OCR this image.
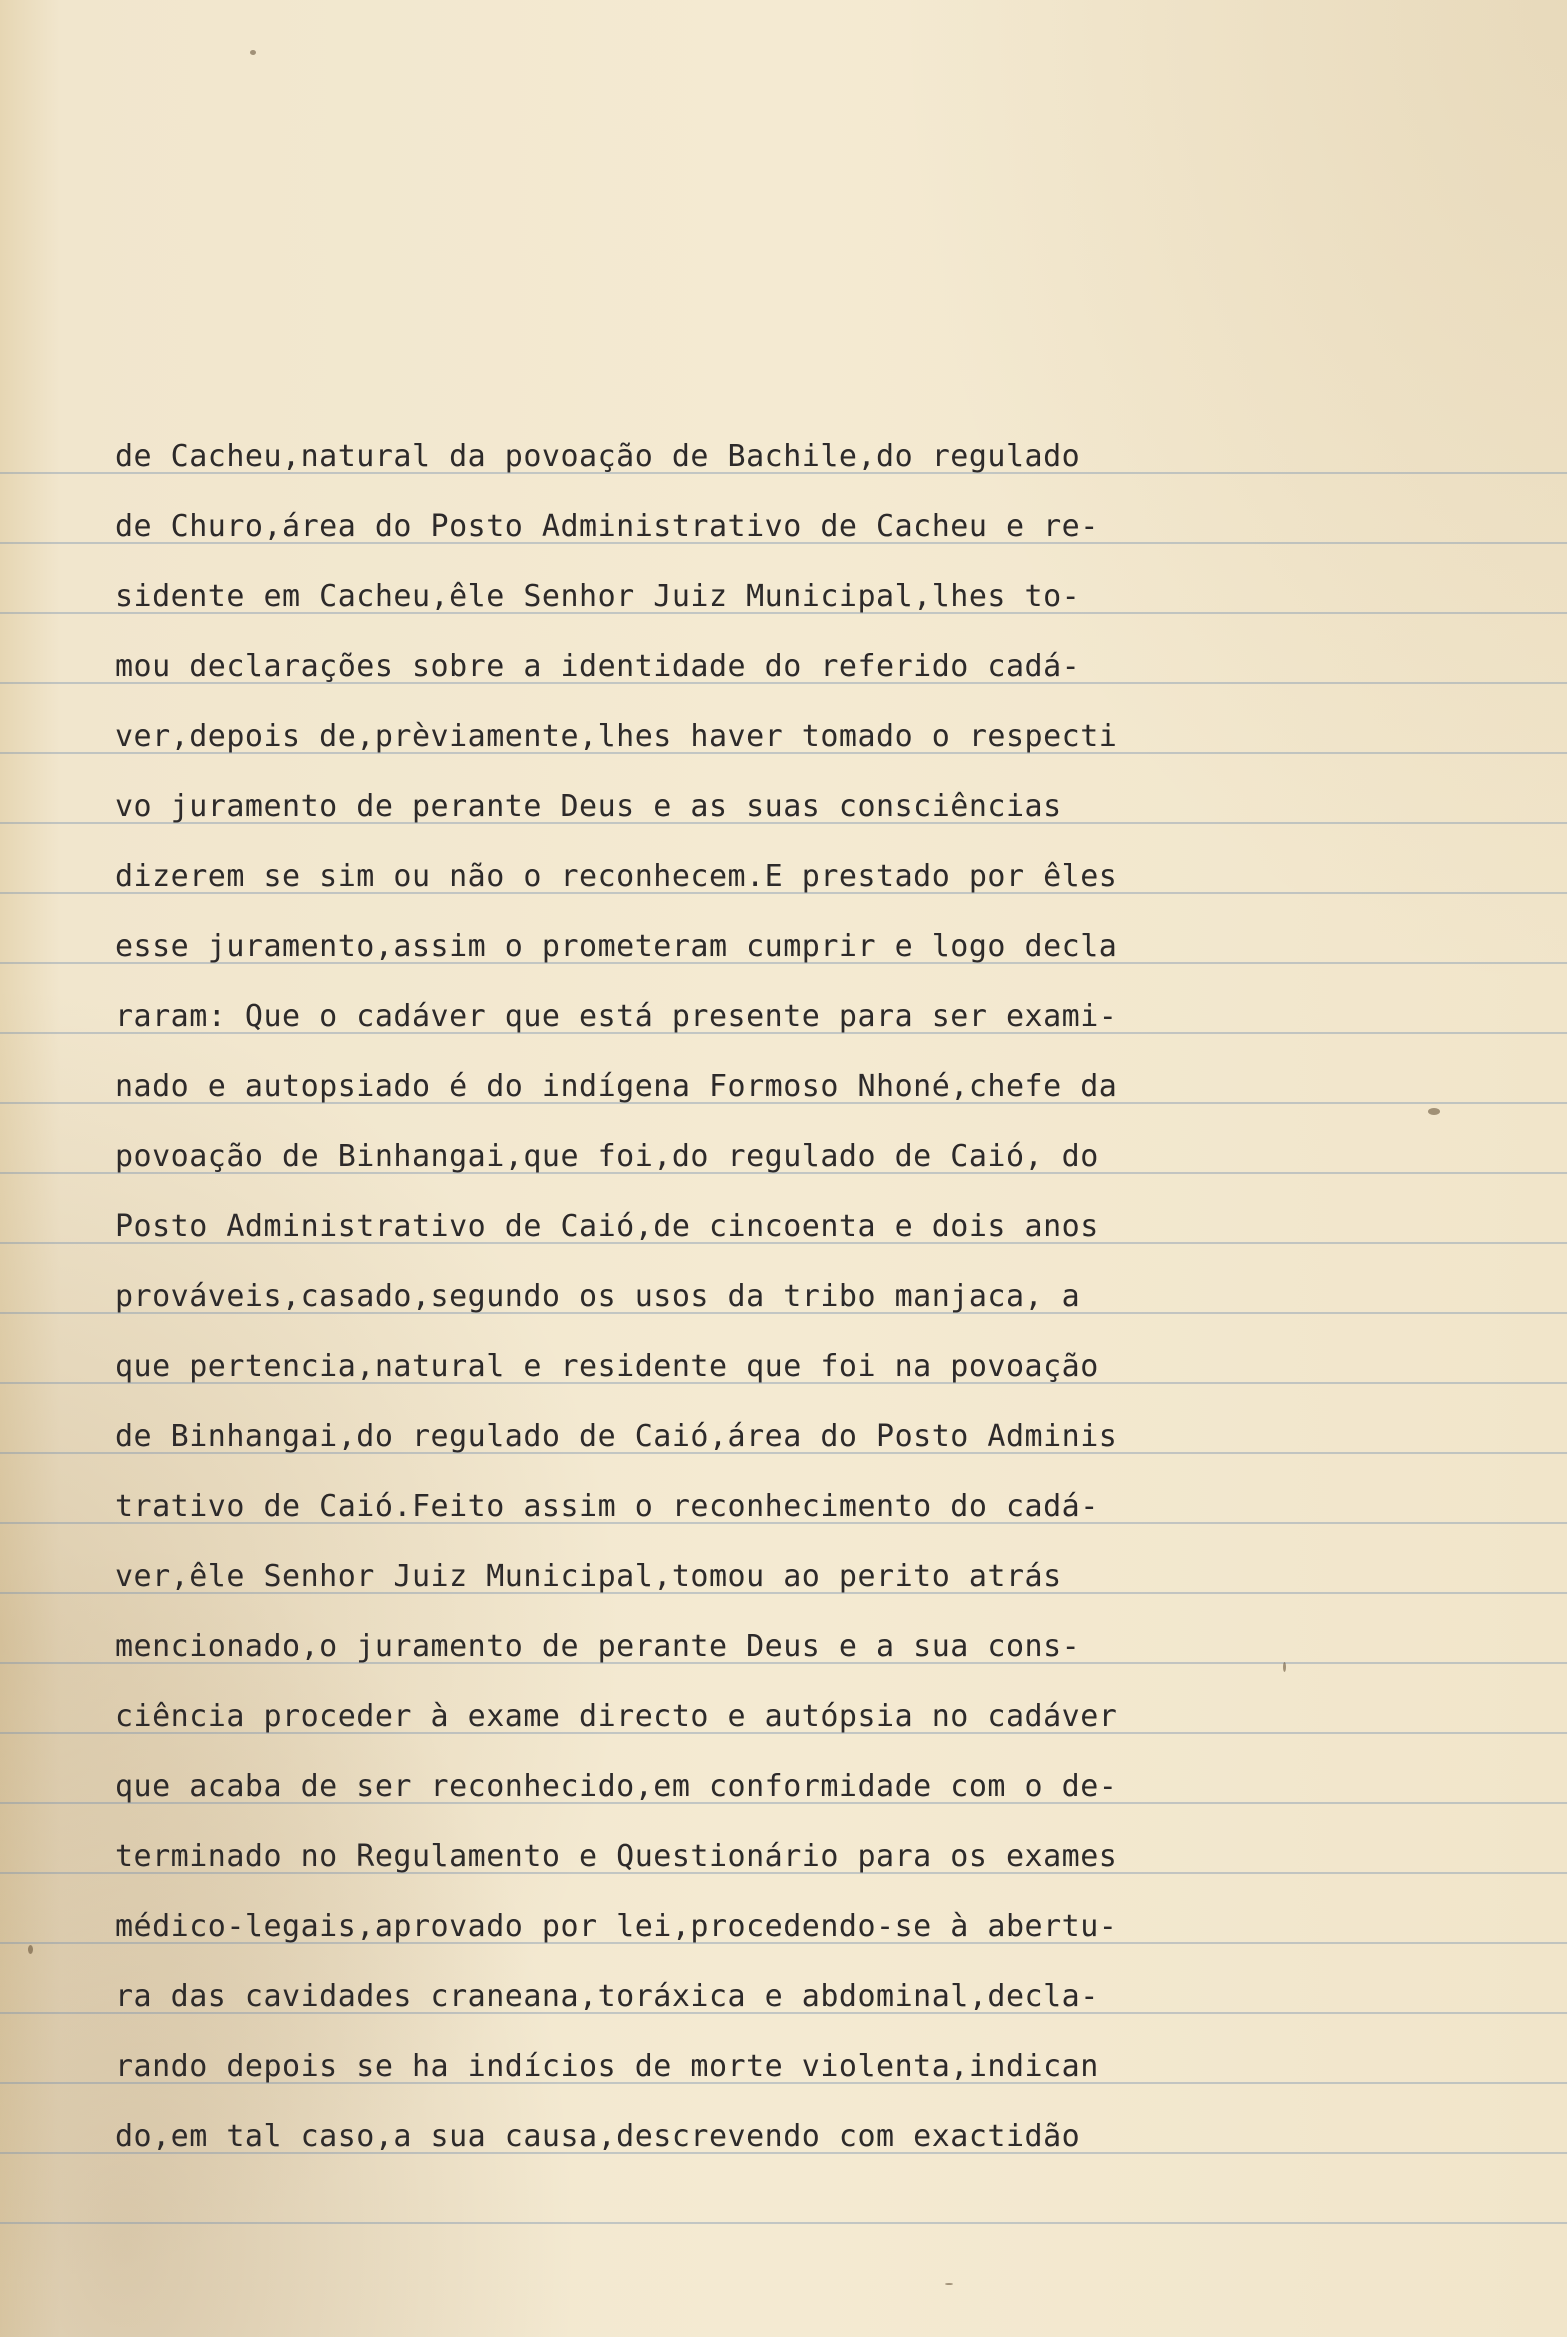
de Cacheu,natural da povoação de Bachile,do regulado
de Churo,área do Posto Administrativo de Cacheu e re-
sidente em Cacheu,êle Senhor Juiz Municipal,lhes to-
mou declarações sobre a identidade do referido cadá-
ver,depois de,prèviamente,lhes haver tomado o respecti
vo juramento de perante Deus e as suas consciências
dizerem se sim ou não o reconhecem.E prestado por êles
esse juramento,assim o prometeram cumprir e logo decla
raram: Que o cadáver que está presente para ser exami-
nado e autopsiado é do indígena Formoso Nhoné,chefe da
povoação de Binhangai,que foi,do regulado de Caió, do
Posto Administrativo de Caió,de cincoenta e dois anos
prováveis,casado,segundo os usos da tribo manjaca, a
que pertencia,natural e residente que foi na povoação
de Binhangai,do regulado de Caió,área do Posto Adminis
trativo de Caió.Feito assim o reconhecimento do cadá-
ver,êle Senhor Juiz Municipal,tomou ao perito atrás
mencionado,o juramento de perante Deus e a sua cons-
ciência proceder à exame directo e autópsia no cadáver
que acaba de ser reconhecido,em conformidade com o de-
terminado no Regulamento e Questionário para os exames
médico-legais,aprovado por lei,procedendo-se à abertu-
ra das cavidades craneana,toráxica e abdominal,decla-
rando depois se ha indícios de morte violenta,indican
do,em tal caso,a sua causa,descrevendo com exactidão
